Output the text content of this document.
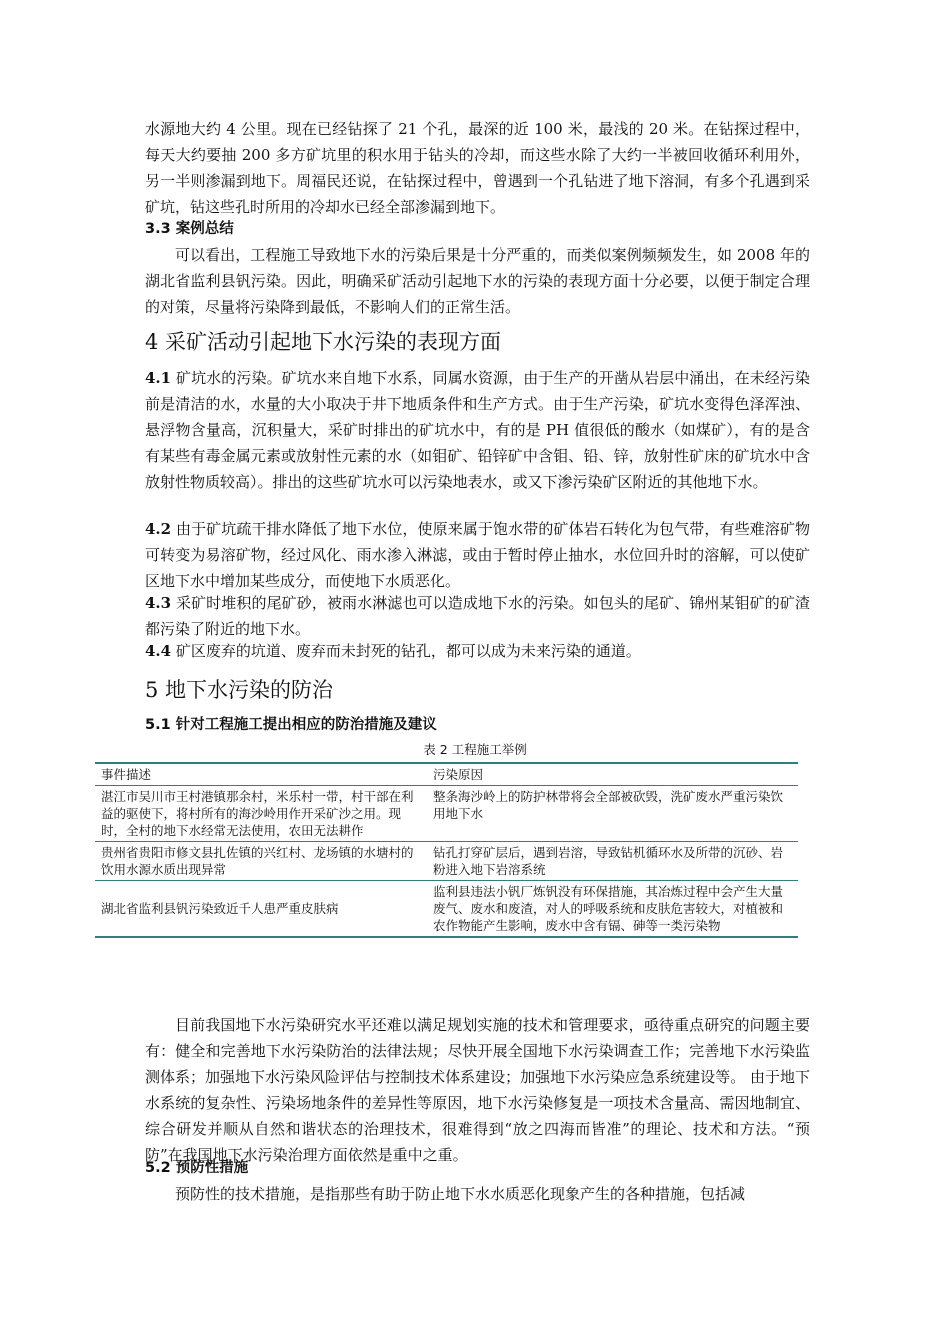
水源地大约 4 公里。现在已经钻探了 21 个孔，最深的近 100 米，最浅的 20 米。在钻探过程中，每天大约要抽 200 多方矿坑里的积水用于钻头的冷却，而这些水除了大约一半被回收循环利用外，另一半则渗漏到地下。周福民还说，在钻探过程中，曾遇到一个孔钻进了地下溶洞，有多个孔遇到采矿坑，钻这些孔时所用的冷却水已经全部渗漏到地下。

3.3 案例总结

可以看出，工程施工导致地下水的污染后果是十分严重的，而类似案例频频发生，如 2008 年的湖北省监利县钒污染。因此，明确采矿活动引起地下水的污染的表现方面十分必要，以便于制定合理的对策，尽量将污染降到最低，不影响人们的正常生活。

4 采矿活动引起地下水污染的表现方面

4.1 矿坑水的污染。矿坑水来自地下水系，同属水资源，由于生产的开凿从岩层中涌出，在未经污染前是清洁的水，水量的大小取决于井下地质条件和生产方式。由于生产污染，矿坑水变得色泽浑浊、悬浮物含量高，沉积量大，采矿时排出的矿坑水中，有的是 PH 值很低的酸水（如煤矿），有的是含有某些有毒金属元素或放射性元素的水（如钼矿、铅锌矿中含钼、铅、锌，放射性矿床的矿坑水中含放射性物质较高）。排出的这些矿坑水可以污染地表水，或又下渗污染矿区附近的其他地下水。

4.2 由于矿坑疏干排水降低了地下水位，使原来属于饱水带的矿体岩石转化为包气带，有些难溶矿物可转变为易溶矿物，经过风化、雨水渗入淋滤，或由于暂时停止抽水，水位回升时的溶解，可以使矿区地下水中增加某些成分，而使地下水质恶化。

4.3 采矿时堆积的尾矿砂，被雨水淋滤也可以造成地下水的污染。如包头的尾矿、锦州某钼矿的矿渣都污染了附近的地下水。

4.4 矿区废弃的坑道、废弃而未封死的钻孔，都可以成为未来污染的通道。

5 地下水污染的防治
5.1 针对工程施工提出相应的防治措施及建议
表 2 工程施工举例
事件描述	污染原因
湛江市吴川市王村港镇那余村，米乐村一带，村干部在利益的驱使下，将村所有的海沙岭用作开采矿沙之用。现时，全村的地下水经常无法使用，农田无法耕作	整条海沙岭上的防护林带将会全部被砍毁，洗矿废水严重污染饮用地下水
贵州省贵阳市修文县扎佐镇的兴红村、龙场镇的水塘村的饮用水源水质出现异常	钻孔打穿矿层后，遇到岩溶，导致钻机循环水及所带的沉砂、岩粉进入地下岩溶系统
湖北省监利县钒污染致近千人患严重皮肤病	监利县违法小钒厂炼钒没有环保措施，其冶炼过程中会产生大量废气、废水和废渣，对人的呼吸系统和皮肤危害较大，对植被和农作物能产生影响，废水中含有镉、砷等一类污染物

目前我国地下水污染研究水平还难以满足规划实施的技术和管理要求，亟待重点研究的问题主要有：健全和完善地下水污染防治的法律法规；尽快开展全国地下水污染调查工作；完善地下水污染监测体系；加强地下水污染风险评估与控制技术体系建设；加强地下水污染应急系统建设等。 由于地下水系统的复杂性、污染场地条件的差异性等原因，地下水污染修复是一项技术含量高、需因地制宜、综合研发并顺从自然和谐状态的治理技术，很难得到“放之四海而皆准”的理论、技术和方法。“预防”在我国地下水污染治理方面依然是重中之重。

5.2 预防性措施

预防性的技术措施，是指那些有助于防止地下水水质恶化现象产生的各种措施，包括减
